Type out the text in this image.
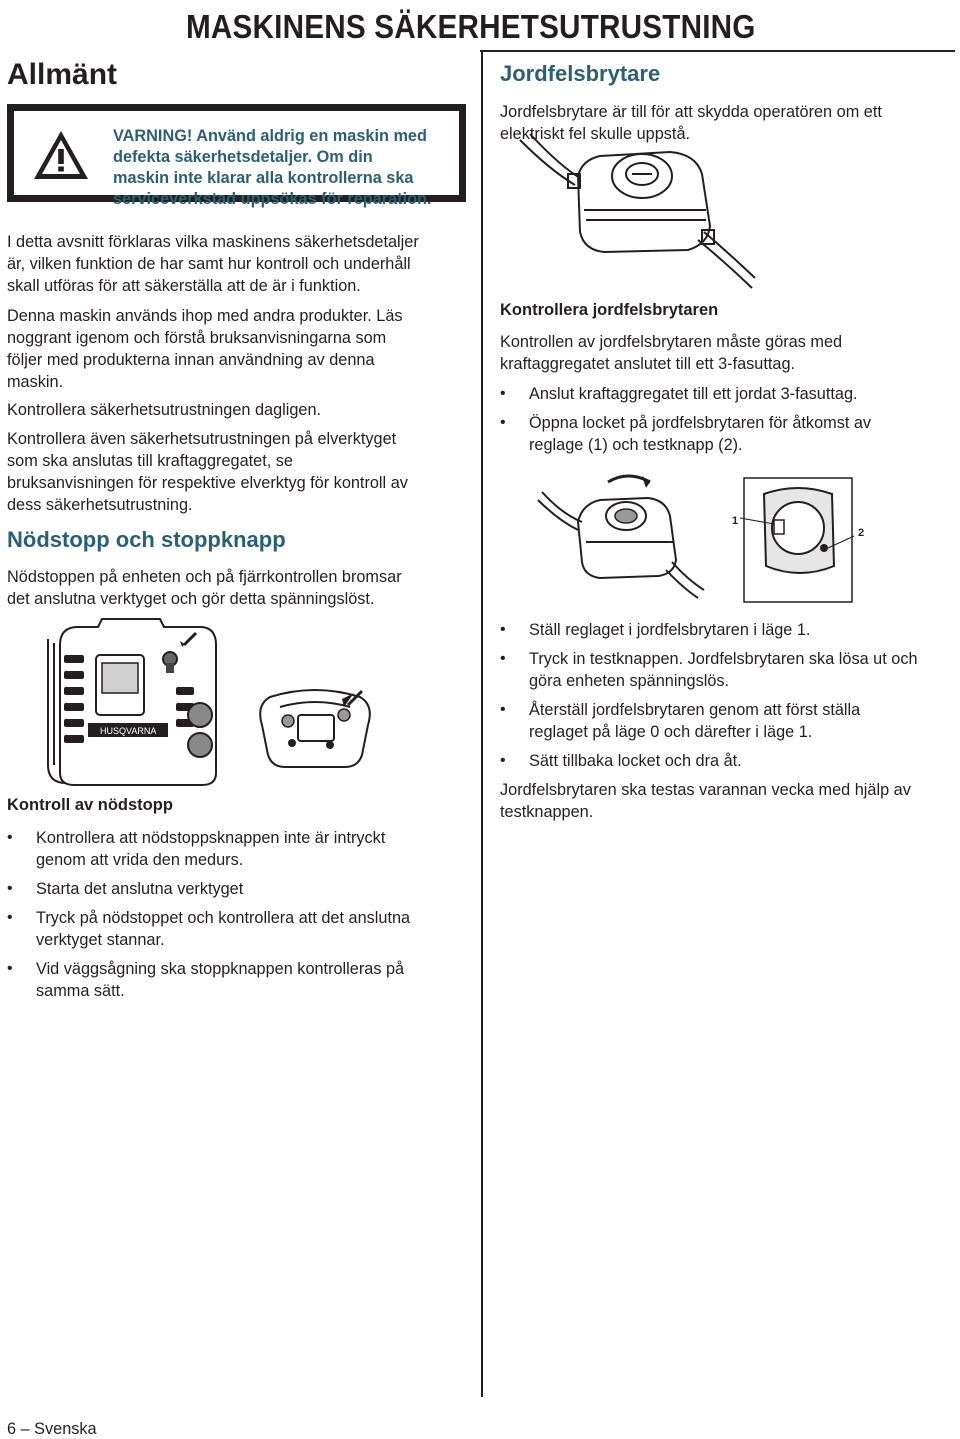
MASKINENS SÄKERHETSUTRUSTNING
Allmänt
VARNING! Använd aldrig en maskin med
defekta säkerhetsdetaljer. Om din
maskin inte klarar alla kontrollerna ska
serviceverkstad uppsökas för reparation.
I detta avsnitt förklaras vilka maskinens säkerhetsdetaljer
är, vilken funktion de har samt hur kontroll och underhåll
skall utföras för att säkerställa att de är i funktion.
Denna maskin används ihop med andra produkter. Läs
noggrant igenom och förstå bruksanvisningarna som
följer med produkterna innan användning av denna
maskin.
Kontrollera säkerhetsutrustningen dagligen.
Kontrollera även säkerhetsutrustningen på elverktyget
som ska anslutas till kraftaggregatet, se
bruksanvisningen för respektive elverktyg för kontroll av
dess säkerhetsutrustning.
Nödstopp och stoppknapp
Nödstoppen på enheten och på fjärrkontrollen bromsar
det anslutna verktyget och gör detta spänningslöst.
HUSQVARNA
Kontroll av nödstopp
• Kontrollera att nödstoppsknappen inte är intryckt
genom att vrida den medurs.
• Starta det anslutna verktyget
• Tryck på nödstoppet och kontrollera att det anslutna
verktyget stannar.
• Vid väggsågning ska stoppknappen kontrolleras på
samma sätt.
Jordfelsbrytare
Jordfelsbrytare är till för att skydda operatören om ett
elektriskt fel skulle uppstå.
Kontrollera jordfelsbrytaren
Kontrollen av jordfelsbrytaren måste göras med
kraftaggregatet anslutet till ett 3-fasuttag.
• Anslut kraftaggregatet till ett jordat 3-fasuttag.
• Öppna locket på jordfelsbrytaren för åtkomst av
reglage (1) och testknapp (2).
1
2
• Ställ reglaget i jordfelsbrytaren i läge 1.
• Tryck in testknappen. Jordfelsbrytaren ska lösa ut och
göra enheten spänningslös.
• Återställ jordfelsbrytaren genom att först ställa
reglaget på läge 0 och därefter i läge 1.
• Sätt tillbaka locket och dra åt.
Jordfelsbrytaren ska testas varannan vecka med hjälp av
testknappen.
6 – Svenska
